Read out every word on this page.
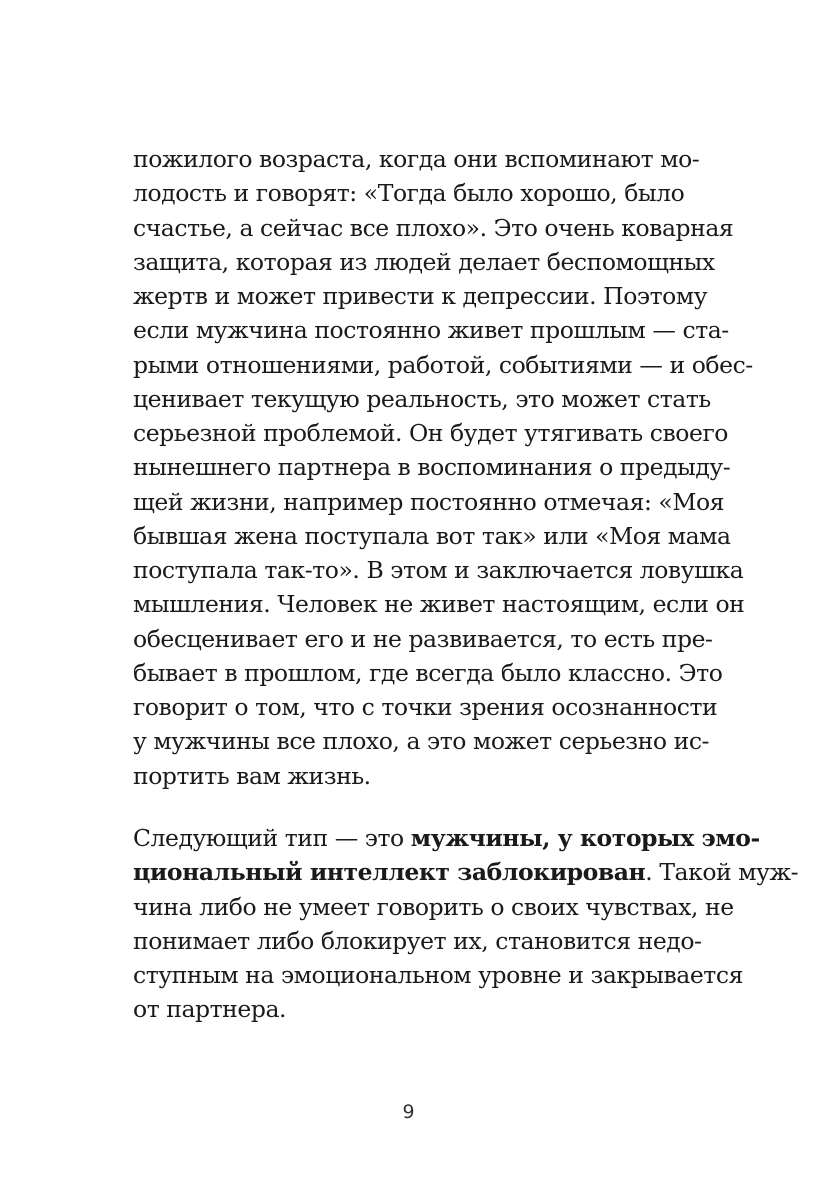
пожилого возраста, когда они вспоминают мо-
лодость и говорят: «Тогда было хорошо, было
счастье, а сейчас все плохо». Это очень коварная
защита, которая из людей делает беспомощных
жертв и может привести к депрессии. Поэтому
если мужчина постоянно живет прошлым — ста-
рыми отношениями, работой, событиями — и обес-
ценивает текущую реальность, это может стать
серьезной проблемой. Он будет утягивать своего
нынешнего партнера в воспоминания о предыду-
щей жизни, например постоянно отмечая: «Моя
бывшая жена поступала вот так» или «Моя мама
поступала так-то». В этом и заключается ловушка
мышления. Человек не живет настоящим, если он
обесценивает его и не развивается, то есть пре-
бывает в прошлом, где всегда было классно. Это
говорит о том, что с точки зрения осознанности
у мужчины все плохо, а это может серьезно ис-
портить вам жизнь.
Следующий тип — это мужчины, у которых эмо-
циональный интеллект заблокирован. Такой муж-
чина либо не умеет говорить о своих чувствах, не
понимает либо блокирует их, становится недо-
ступным на эмоциональном уровне и закрывается
от партнера.
9
